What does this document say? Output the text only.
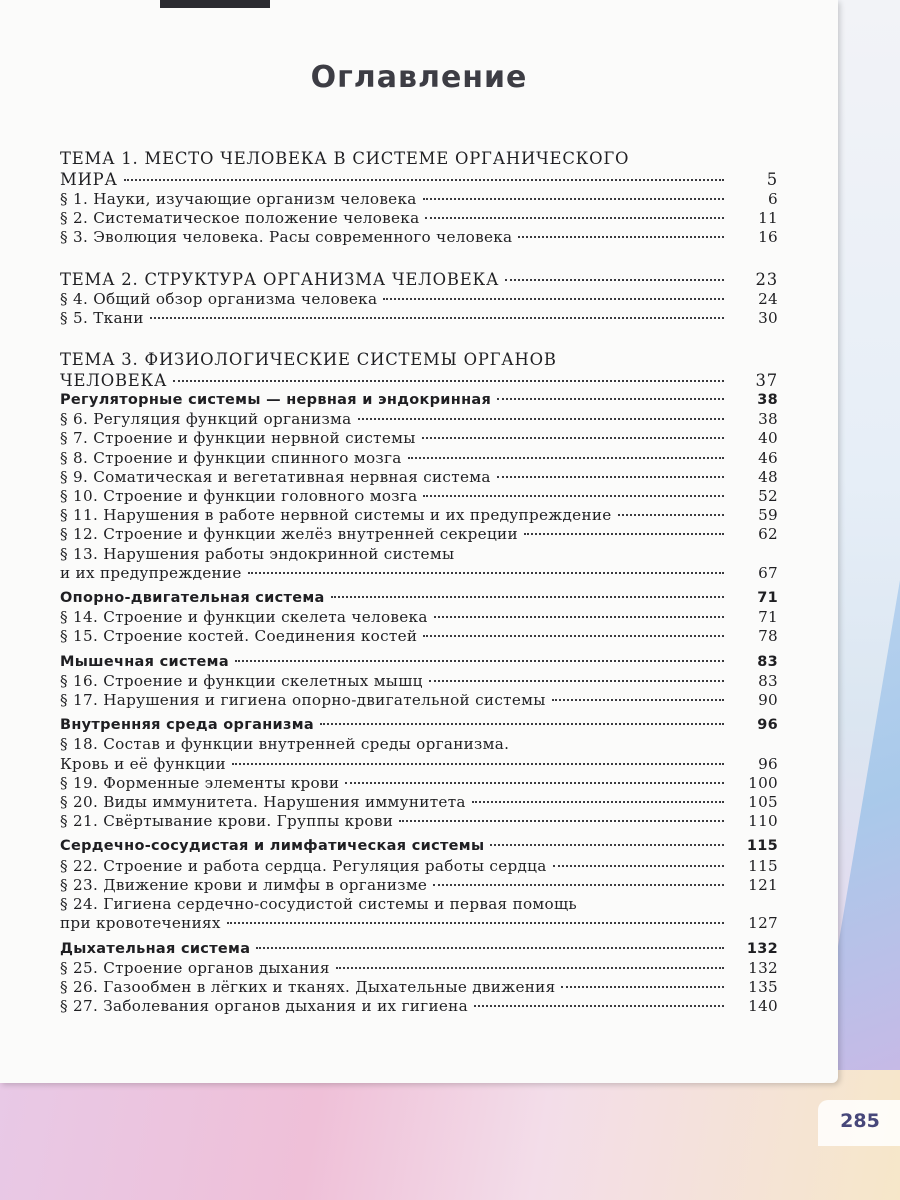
Оглавление
ТЕМА 1. МЕСТО ЧЕЛОВЕКА В СИСТЕМЕ ОРГАНИЧЕСКОГО
МИРА	5
§ 1. Науки, изучающие организм человека	6
§ 2. Систематическое положение человека	11
§ 3. Эволюция человека. Расы современного человека	16
ТЕМА 2. СТРУКТУРА ОРГАНИЗМА ЧЕЛОВЕКА	23
§ 4. Общий обзор организма человека	24
§ 5. Ткани	30
ТЕМА 3. ФИЗИОЛОГИЧЕСКИЕ СИСТЕМЫ ОРГАНОВ
ЧЕЛОВЕКА	37
Регуляторные системы — нервная и эндокринная	38
§ 6. Регуляция функций организма	38
§ 7. Строение и функции нервной системы	40
§ 8. Строение и функции спинного мозга	46
§ 9. Соматическая и вегетативная нервная система	48
§ 10. Строение и функции головного мозга	52
§ 11. Нарушения в работе нервной системы и их предупреждение	59
§ 12. Строение и функции желёз внутренней секреции	62
§ 13. Нарушения работы эндокринной системы
и их предупреждение	67
Опорно-двигательная система	71
§ 14. Строение и функции скелета человека	71
§ 15. Строение костей. Соединения костей	78
Мышечная система	83
§ 16. Строение и функции скелетных мышц	83
§ 17. Нарушения и гигиена опорно-двигательной системы	90
Внутренняя среда организма	96
§ 18. Состав и функции внутренней среды организма.
Кровь и её функции	96
§ 19. Форменные элементы крови	100
§ 20. Виды иммунитета. Нарушения иммунитета	105
§ 21. Свёртывание крови. Группы крови	110
Сердечно-сосудистая и лимфатическая системы	115
§ 22. Строение и работа сердца. Регуляция работы сердца	115
§ 23. Движение крови и лимфы в организме	121
§ 24. Гигиена сердечно-сосудистой системы и первая помощь
при кровотечениях	127
Дыхательная система	132
§ 25. Строение органов дыхания	132
§ 26. Газообмен в лёгких и тканях. Дыхательные движения	135
§ 27. Заболевания органов дыхания и их гигиена	140
285
